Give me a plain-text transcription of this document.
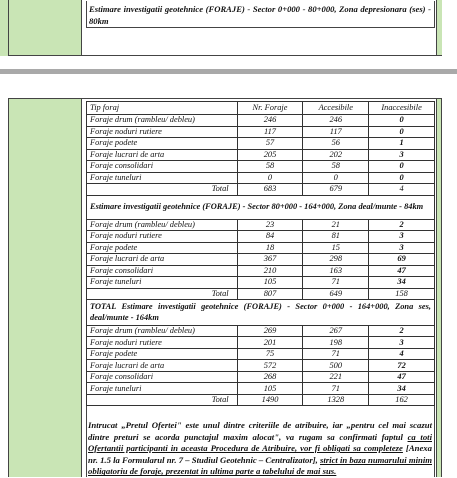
Estimare investigatii geotehnice (FORAJE) - Sector 0+000 - 80+000, Zona depresionara (ses) - 80km
Tip foraj	Nr. Foraje	Accesibile	Inaccesibile
Foraje drum (rambleu/ debleu)	246	246	0
Foraje noduri rutiere	117	117	0
Foraje podete	57	56	1
Foraje lucrari de arta	205	202	3
Foraje consolidari	58	58	0
Foraje tuneluri	0	0	0
Total	683	679	4
Estimare investigatii geotehnice (FORAJE) - Sector 80+000 - 164+000, Zona deal/munte - 84km			
Foraje drum (rambleu/ debleu)	23	21	2
Foraje noduri rutiere	84	81	3
Foraje podete	18	15	3
Foraje lucrari de arta	367	298	69
Foraje consolidari	210	163	47
Foraje tuneluri	105	71	34
Total	807	649	158
TOTAL Estimare investigatii geotehnice (FORAJE) - Sector 0+000 - 164+000, Zona ses, deal/munte - 164km			
Foraje drum (rambleu/ debleu)	269	267	2
Foraje noduri rutiere	201	198	3
Foraje podete	75	71	4
Foraje lucrari de arta	572	500	72
Foraje consolidari	268	221	47
Foraje tuneluri	105	71	34
Total	1490	1328	162
Intrucat „Pretul Ofertei" este unul dintre criteriile de atribuire, iar „pentru cel mai scazut dintre preturi se acorda punctajul maxim alocat", va rugam sa confirmati faptul ca toti Ofertantii participanti in aceasta Procedura de Atribuire, vor fi obligati sa completeze [Anexa nr. 1.5 la Formularul nr. 7 – Studiul Geotehnic – Centralizator], strict in baza numarului minim obligatoriu de foraje, prezentat in ultima parte a tabelului de mai sus.
